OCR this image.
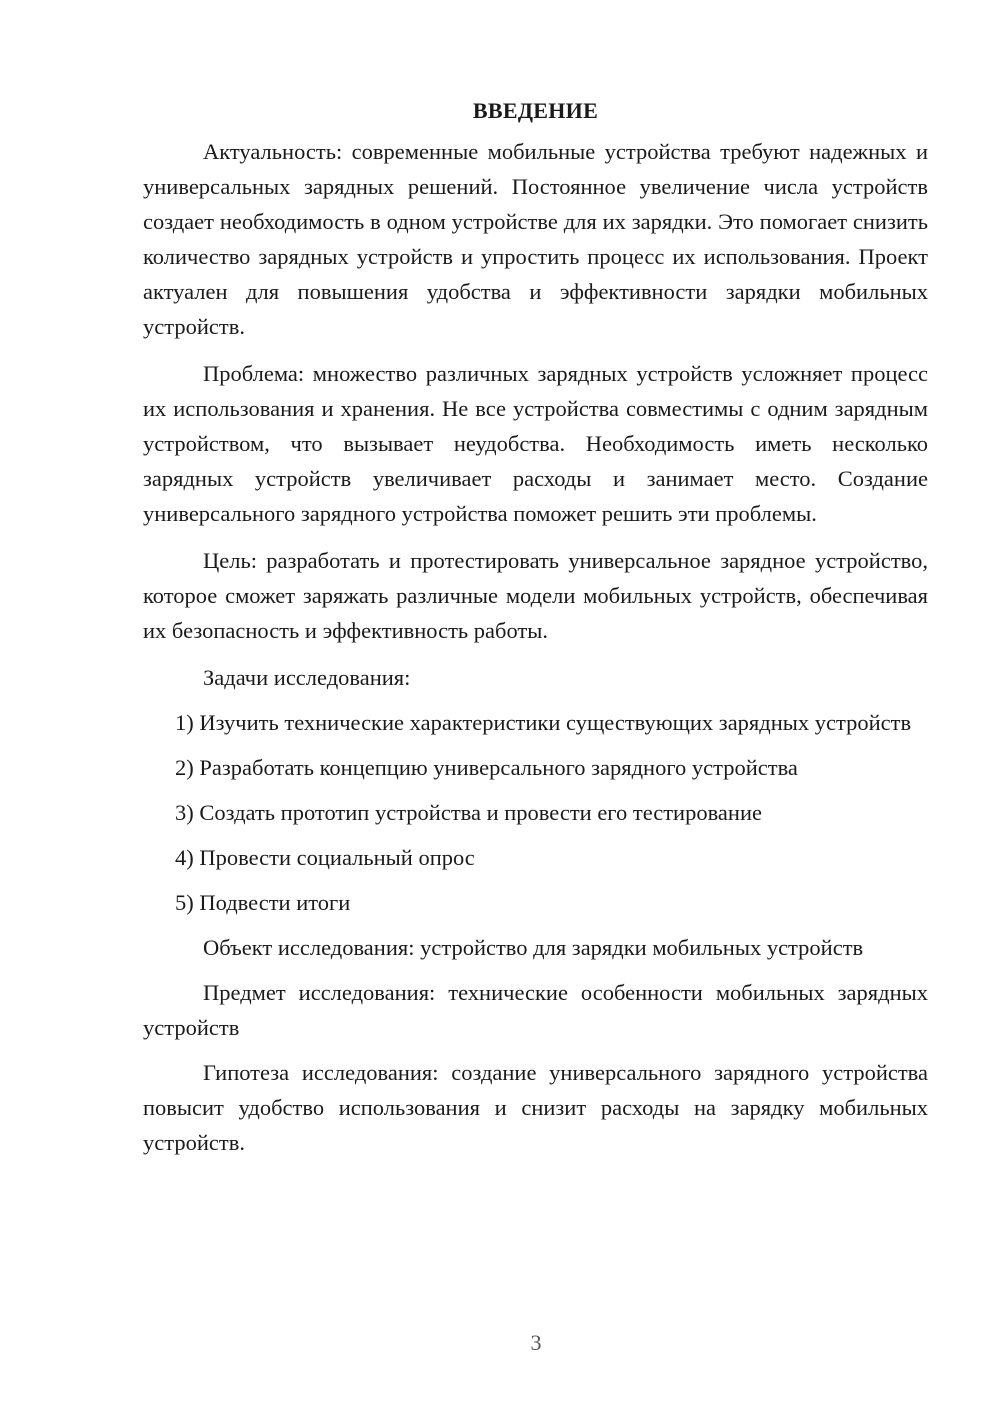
ВВЕДЕНИЕ

Актуальность: современные мобильные устройства требуют надежных и универсальных зарядных решений. Постоянное увеличение числа устройств создает необходимость в одном устройстве для их зарядки. Это помогает снизить количество зарядных устройств и упростить процесс их использования. Проект актуален для повышения удобства и эффективности зарядки мобильных устройств.

Проблема: множество различных зарядных устройств усложняет процесс их использования и хранения. Не все устройства совместимы с одним зарядным устройством, что вызывает неудобства. Необходимость иметь несколько зарядных устройств увеличивает расходы и занимает место. Создание универсального зарядного устройства поможет решить эти проблемы.

Цель: разработать и протестировать универсальное зарядное устройство, которое сможет заряжать различные модели мобильных устройств, обеспечивая их безопасность и эффективность работы.

Задачи исследования:

1) Изучить технические характеристики существующих зарядных устройств

2) Разработать концепцию универсального зарядного устройства

3) Создать прототип устройства и провести его тестирование

4) Провести социальный опрос

5) Подвести итоги

Объект исследования: устройство для зарядки мобильных устройств

Предмет исследования: технические особенности мобильных зарядных устройств

Гипотеза исследования: создание универсального зарядного устройства повысит удобство использования и снизит расходы на зарядку мобильных устройств.

3
